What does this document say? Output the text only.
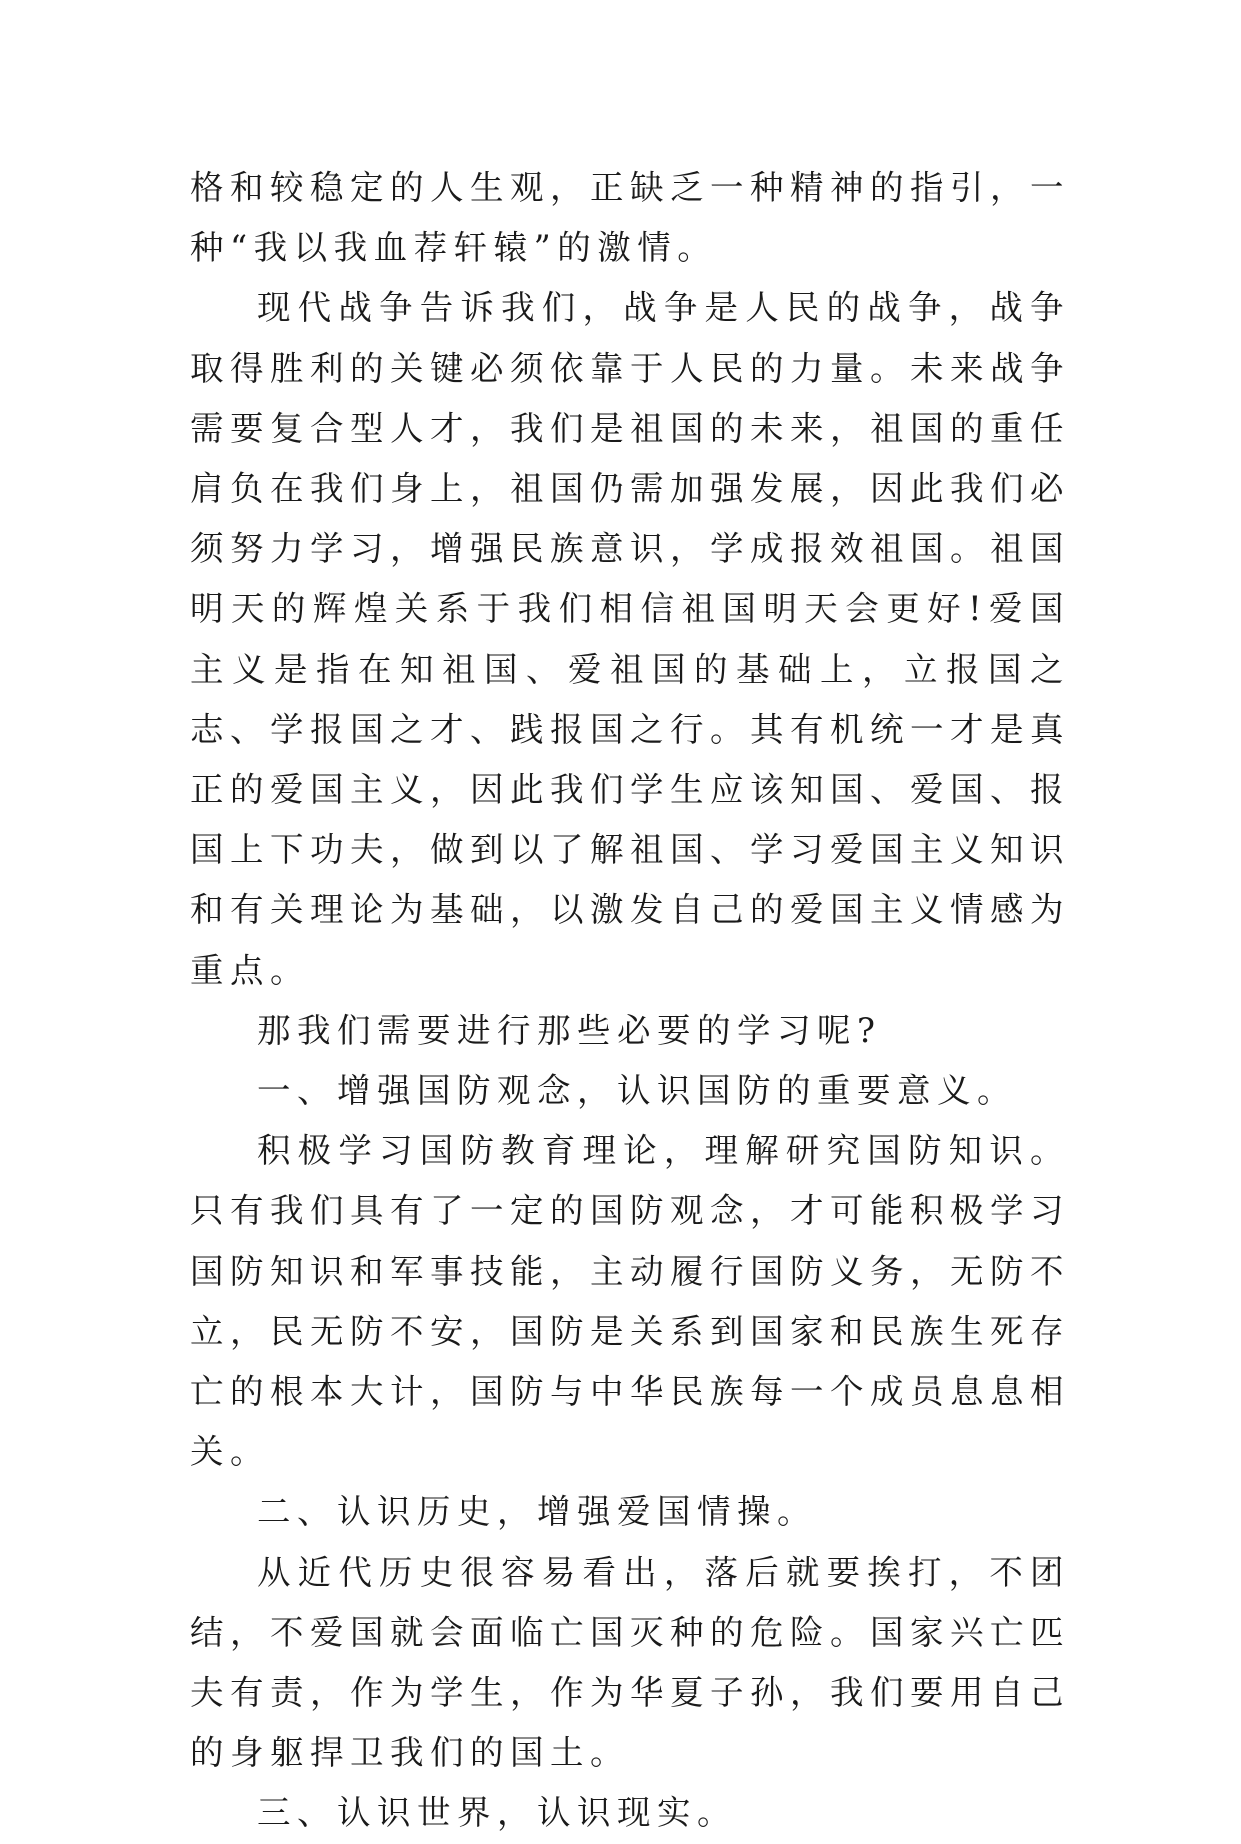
格和较稳定的人生观，正缺乏一种精神的指引，一种“我以我血荐轩辕”的激情。

现代战争告诉我们，战争是人民的战争，战争取得胜利的关键必须依靠于人民的力量。未来战争需要复合型人才，我们是祖国的未来，祖国的重任肩负在我们身上，祖国仍需加强发展，因此我们必须努力学习，增强民族意识，学成报效祖国。祖国明天的辉煌关系于我们相信祖国明天会更好!爱国主义是指在知祖国、爱祖国的基础上，立报国之志、学报国之才、践报国之行。其有机统一才是真正的爱国主义，因此我们学生应该知国、爱国、报国上下功夫，做到以了解祖国、学习爱国主义知识和有关理论为基础，以激发自己的爱国主义情感为重点。

那我们需要进行那些必要的学习呢?

一、增强国防观念，认识国防的重要意义。

积极学习国防教育理论，理解研究国防知识。只有我们具有了一定的国防观念，才可能积极学习国防知识和军事技能，主动履行国防义务，无防不立，民无防不安，国防是关系到国家和民族生死存亡的根本大计，国防与中华民族每一个成员息息相关。

二、认识历史，增强爱国情操。

从近代历史很容易看出，落后就要挨打，不团结，不爱国就会面临亡国灭种的危险。国家兴亡匹夫有责，作为学生，作为华夏子孙，我们要用自己的身躯捍卫我们的国土。

三、认识世界，认识现实。
